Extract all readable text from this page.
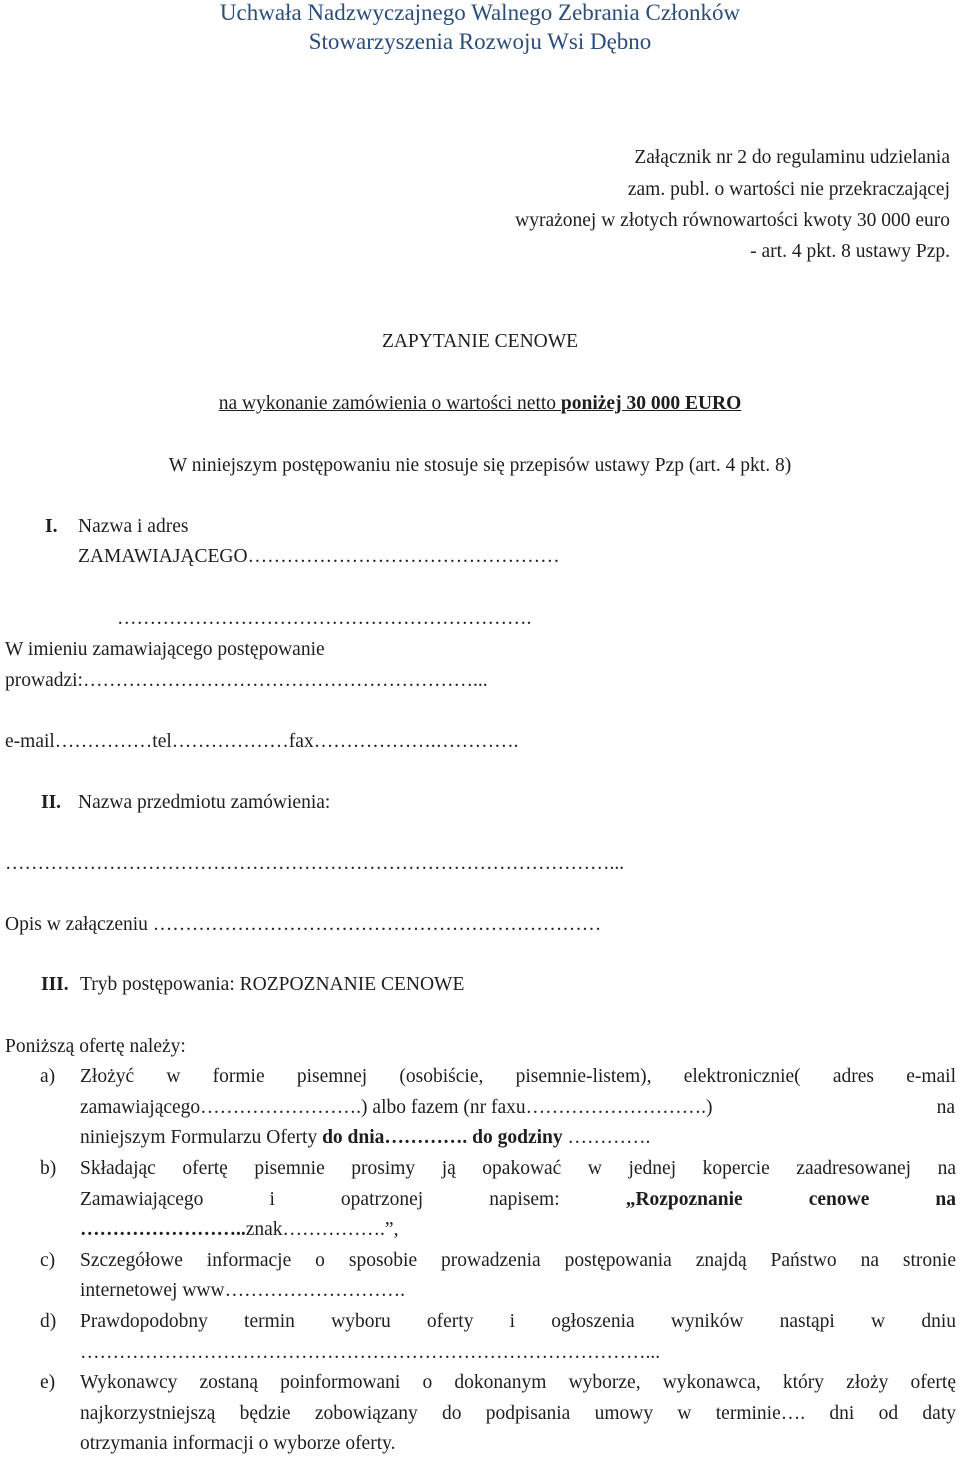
Uchwała Nadzwyczajnego Walnego Zebrania Członków
Stowarzyszenia Rozwoju Wsi Dębno
Załącznik nr 2 do regulaminu udzielania
zam. publ. o wartości nie przekraczającej
wyrażonej w złotych równowartości kwoty 30 000 euro
- art. 4 pkt. 8 ustawy Pzp.
ZAPYTANIE CENOWE
na wykonanie zamówienia o wartości netto poniżej 30 000 EURO
W niniejszym postępowaniu nie stosuje się przepisów ustawy Pzp (art. 4 pkt. 8)
I. Nazwa i adres
ZAMAWIAJĄCEGO…………………………………………
……………………………………………………….
W imieniu zamawiającego postępowanie
prowadzi:……………………………………………………...
e-mail……………tel………………fax……………….………….
II. Nazwa przedmiotu zamówienia:
…………………………………………………………………………………...
Opis w załączeniu ……………………………………………………………
III. Tryb postępowania: ROZPOZNANIE CENOWE
Poniższą ofertę należy:
a) Złożyć w formie pisemnej (osobiście, pisemnie-listem), elektronicznie( adres e-mail
zamawiającego…………………….) albo fazem (nr faxu……………………….)	na
niniejszym Formularzu Oferty do dnia…………. do godziny ………….
b) Składając ofertę pisemnie prosimy ją opakować w jednej kopercie zaadresowanej na
Zamawiającego i opatrzonej napisem: „Rozpoznanie cenowe na
……………………..znak…………….”,
c) Szczegółowe informacje o sposobie prowadzenia postępowania znajdą Państwo na stronie
internetowej www……………………….
d) Prawdopodobny termin wyboru oferty i ogłoszenia wyników nastąpi w dniu
……………………………………………………………………………...
e) Wykonawcy zostaną poinformowani o dokonanym wyborze, wykonawca, który złoży ofertę
najkorzystniejszą będzie zobowiązany do podpisania umowy w terminie…. dni od daty
otrzymania informacji o wyborze oferty.
